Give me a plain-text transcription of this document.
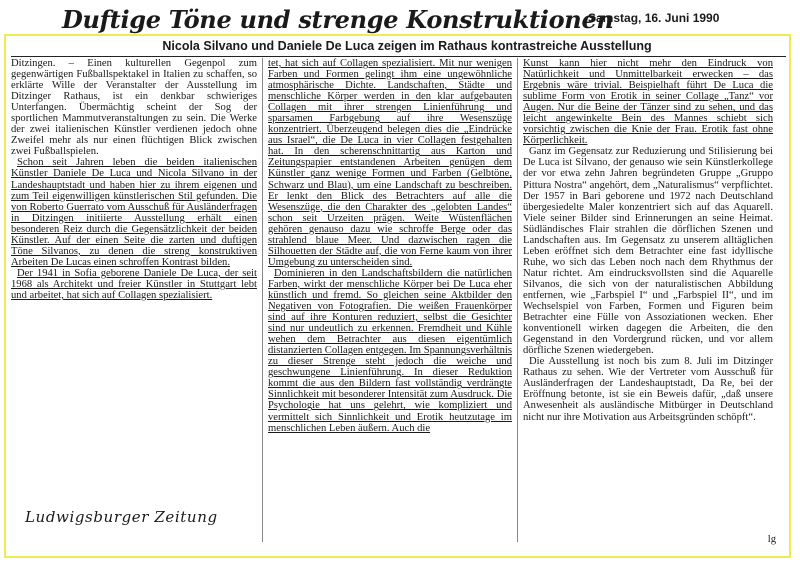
Duftige Töne und strenge Konstruktionen
Samstag, 16. Juni 1990
Nicola Silvano und Daniele De Luca zeigen im Rathaus kontrastreiche Ausstellung

Ditzingen. – Einen kulturellen Gegenpol zum gegenwärtigen Fußballspektakel in Italien zu schaffen, so erklärte Wille der Veranstalter der Ausstellung im Ditzinger Rathaus, ist ein denkbar schwieriges Unterfangen. Übermächtig scheint der Sog der sportlichen Mammutveranstaltungen zu sein. Die Werke der zwei italienischen Künstler verdienen jedoch ohne Zweifel mehr als nur einen flüchtigen Blick zwischen zwei Fußballspielen.

Schon seit Jahren leben die beiden italienischen Künstler Daniele De Luca und Nicola Silvano in der Landeshauptstadt und haben hier zu ihrem eigenen und zum Teil eigenwilligen künstlerischen Stil gefunden. Die von Roberto Guerrato vom Ausschuß für Ausländerfragen in Ditzingen initiierte Ausstellung erhält einen besonderen Reiz durch die Gegensätzlichkeit der beiden Künstler. Auf der einen Seite die zarten und duftigen Töne Silvanos, zu denen die streng konstruktiven Arbeiten De Lucas einen schroffen Kontrast bilden.

Der 1941 in Sofia geborene Daniele De Luca, der seit 1968 als Architekt und freier Künstler in Stuttgart lebt und arbeitet, hat sich auf Collagen spezialisiert.

tet, hat sich auf Collagen spezialisiert. Mit nur wenigen Farben und Formen gelingt ihm eine ungewöhnliche atmosphärische Dichte. Landschaften, Städte und menschliche Körper werden in den klar aufgebauten Collagen mit ihrer strengen Linienführung und sparsamen Farbgebung auf ihre Wesenszüge konzentriert. Überzeugend belegen dies die „Eindrücke aus Israel“, die De Luca in vier Collagen festgehalten hat. In den scherenschnittartig aus Karton und Zeitungspapier entstandenen Arbeiten genügen dem Künstler ganz wenige Formen und Farben (Gelbtöne, Schwarz und Blau), um eine Landschaft zu beschreiben. Er lenkt den Blick des Betrachters auf alle die Wesenszüge, die den Charakter des „gelobten Landes“ schon seit Urzeiten prägen. Weite Wüstenflächen gehören genauso dazu wie schroffe Berge oder das strahlend blaue Meer. Und dazwischen ragen die Silhouetten der Städte auf, die von Ferne kaum von ihrer Umgebung zu unterscheiden sind.

Dominieren in den Landschaftsbildern die natürlichen Farben, wirkt der menschliche Körper bei De Luca eher künstlich und fremd. So gleichen seine Aktbilder den Negativen von Fotografien. Die weißen Frauenkörper sind auf ihre Konturen reduziert, selbst die Gesichter sind nur undeutlich zu erkennen. Fremdheit und Kühle wehen dem Betrachter aus diesen eigentümlich distanzierten Collagen entgegen. Im Spannungsverhältnis zu dieser Strenge steht jedoch die weiche und geschwungene Linienführung. In dieser Reduktion kommt die aus den Bildern fast vollständig verdrängte Sinnlichkeit mit besonderer Intensität zum Ausdruck. Die Psychologie hat uns gelehrt, wie kompliziert und vermittelt sich Sinnlichkeit und Erotik heutzutage im menschlichen Leben äußern. Auch die

Kunst kann hier nicht mehr den Eindruck von Natürlichkeit und Unmittelbarkeit erwecken – das Ergebnis wäre trivial. Beispielhaft führt De Luca die sublime Form von Erotik in seiner Collage „Tanz“ vor Augen. Nur die Beine der Tänzer sind zu sehen, und das leicht angewinkelte Bein des Mannes schiebt sich vorsichtig zwischen die Knie der Frau. Erotik fast ohne Körperlichkeit.

Ganz im Gegensatz zur Reduzierung und Stilisierung bei De Luca ist Silvano, der genauso wie sein Künstlerkollege der vor etwa zehn Jahren begründeten Gruppe „Gruppo Pittura Nostra“ angehört, dem „Naturalismus“ verpflichtet. Der 1957 in Bari geborene und 1972 nach Deutschland übergesiedelte Maler konzentriert sich auf das Aquarell. Viele seiner Bilder sind Erinnerungen an seine Heimat. Südländisches Flair strahlen die dörflichen Szenen und Landschaften aus. Im Gegensatz zu unserem alltäglichen Leben eröffnet sich dem Betrachter eine fast idyllische Ruhe, wo sich das Leben noch nach dem Rhythmus der Natur richtet. Am eindrucksvollsten sind die Aquarelle Silvanos, die sich von der naturalistischen Abbildung entfernen, wie „Farbspiel I“ und „Farbspiel II“, und im Wechselspiel von Farben, Formen und Figuren beim Betrachter eine Fülle von Assoziationen wecken. Eher konventionell wirken dagegen die Arbeiten, die den Gegenstand in den Vordergrund rücken, und vor allem dörfliche Szenen wiedergeben.

Die Ausstellung ist noch bis zum 8. Juli im Ditzinger Rathaus zu sehen. Wie der Vertreter vom Ausschuß für Ausländerfragen der Landeshauptstadt, Da Re, bei der Eröffnung betonte, ist sie ein Beweis dafür, „daß unsere Anwesenheit als ausländische Mitbürger in Deutschland nicht nur ihre Motivation aus Arbeitsgründen schöpft“.

lg
Ludwigsburger Zeitung
